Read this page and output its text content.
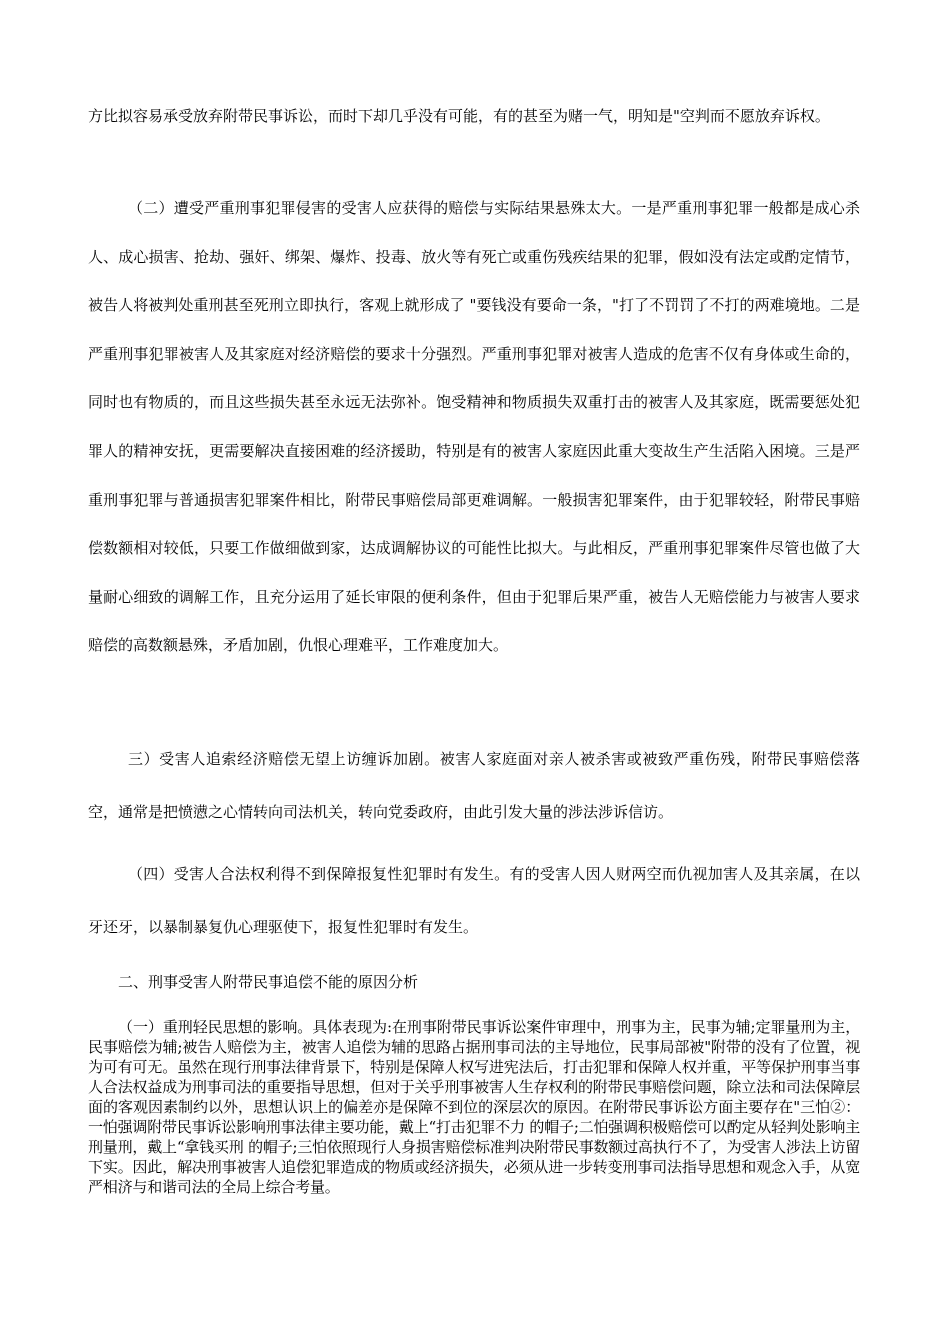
方比拟容易承受放弃附带民事诉讼，而时下却几乎没有可能，有的甚至为赌一气，明知是"空判而不愿放弃诉权。

（二）遭受严重刑事犯罪侵害的受害人应获得的赔偿与实际结果悬殊太大。一是严重刑事犯罪一般都是成心杀人、成心损害、抢劫、强奸、绑架、爆炸、投毒、放火等有死亡或重伤残疾结果的犯罪，假如没有法定或酌定情节，被告人将被判处重刑甚至死刑立即执行，客观上就形成了 "要钱没有要命一条，"打了不罚罚了不打的两难境地。二是严重刑事犯罪被害人及其家庭对经济赔偿的要求十分强烈。严重刑事犯罪对被害人造成的危害不仅有身体或生命的，同时也有物质的，而且这些损失甚至永远无法弥补。饱受精神和物质损失双重打击的被害人及其家庭，既需要惩处犯罪人的精神安抚，更需要解决直接困难的经济援助，特别是有的被害人家庭因此重大变故生产生活陷入困境。三是严重刑事犯罪与普通损害犯罪案件相比，附带民事赔偿局部更难调解。一般损害犯罪案件，由于犯罪较轻，附带民事赔偿数额相对较低，只要工作做细做到家，达成调解协议的可能性比拟大。与此相反，严重刑事犯罪案件尽管也做了大量耐心细致的调解工作，且充分运用了延长审限的便利条件，但由于犯罪后果严重，被告人无赔偿能力与被害人要求赔偿的高数额悬殊，矛盾加剧，仇恨心理难平，工作难度加大。

三）受害人追索经济赔偿无望上访缠诉加剧。被害人家庭面对亲人被杀害或被致严重伤残，附带民事赔偿落空，通常是把愤懑之心情转向司法机关，转向党委政府，由此引发大量的涉法涉诉信访。

（四）受害人合法权利得不到保障报复性犯罪时有发生。有的受害人因人财两空而仇视加害人及其亲属，在以牙还牙，以暴制暴复仇心理驱使下，报复性犯罪时有发生。

二、刑事受害人附带民事追偿不能的原因分析

（一）重刑轻民思想的影响。具体表现为:在刑事附带民事诉讼案件审理中，刑事为主，民事为辅;定罪量刑为主，民事赔偿为辅;被告人赔偿为主，被害人追偿为辅的思路占据刑事司法的主导地位，民事局部被"附带的没有了位置，视为可有可无。虽然在现行刑事法律背景下，特别是保障人权写进宪法后，打击犯罪和保障人权并重，平等保护刑事当事人合法权益成为刑事司法的重要指导思想，但对于关乎刑事被害人生存权利的附带民事赔偿问题，除立法和司法保障层面的客观因素制约以外，思想认识上的偏差亦是保障不到位的深层次的原因。在附带民事诉讼方面主要存在"三怕②：一怕强调附带民事诉讼影响刑事法律主要功能，戴上“打击犯罪不力 的帽子;二怕强调积极赔偿可以酌定从轻判处影响主刑量刑，戴上“拿钱买刑 的帽子;三怕依照现行人身损害赔偿标准判决附带民事数额过高执行不了，为受害人涉法上访留下实。因此，解决刑事被害人追偿犯罪造成的物质或经济损失，必须从进一步转变刑事司法指导思想和观念入手，从宽严相济与和谐司法的全局上综合考量。
